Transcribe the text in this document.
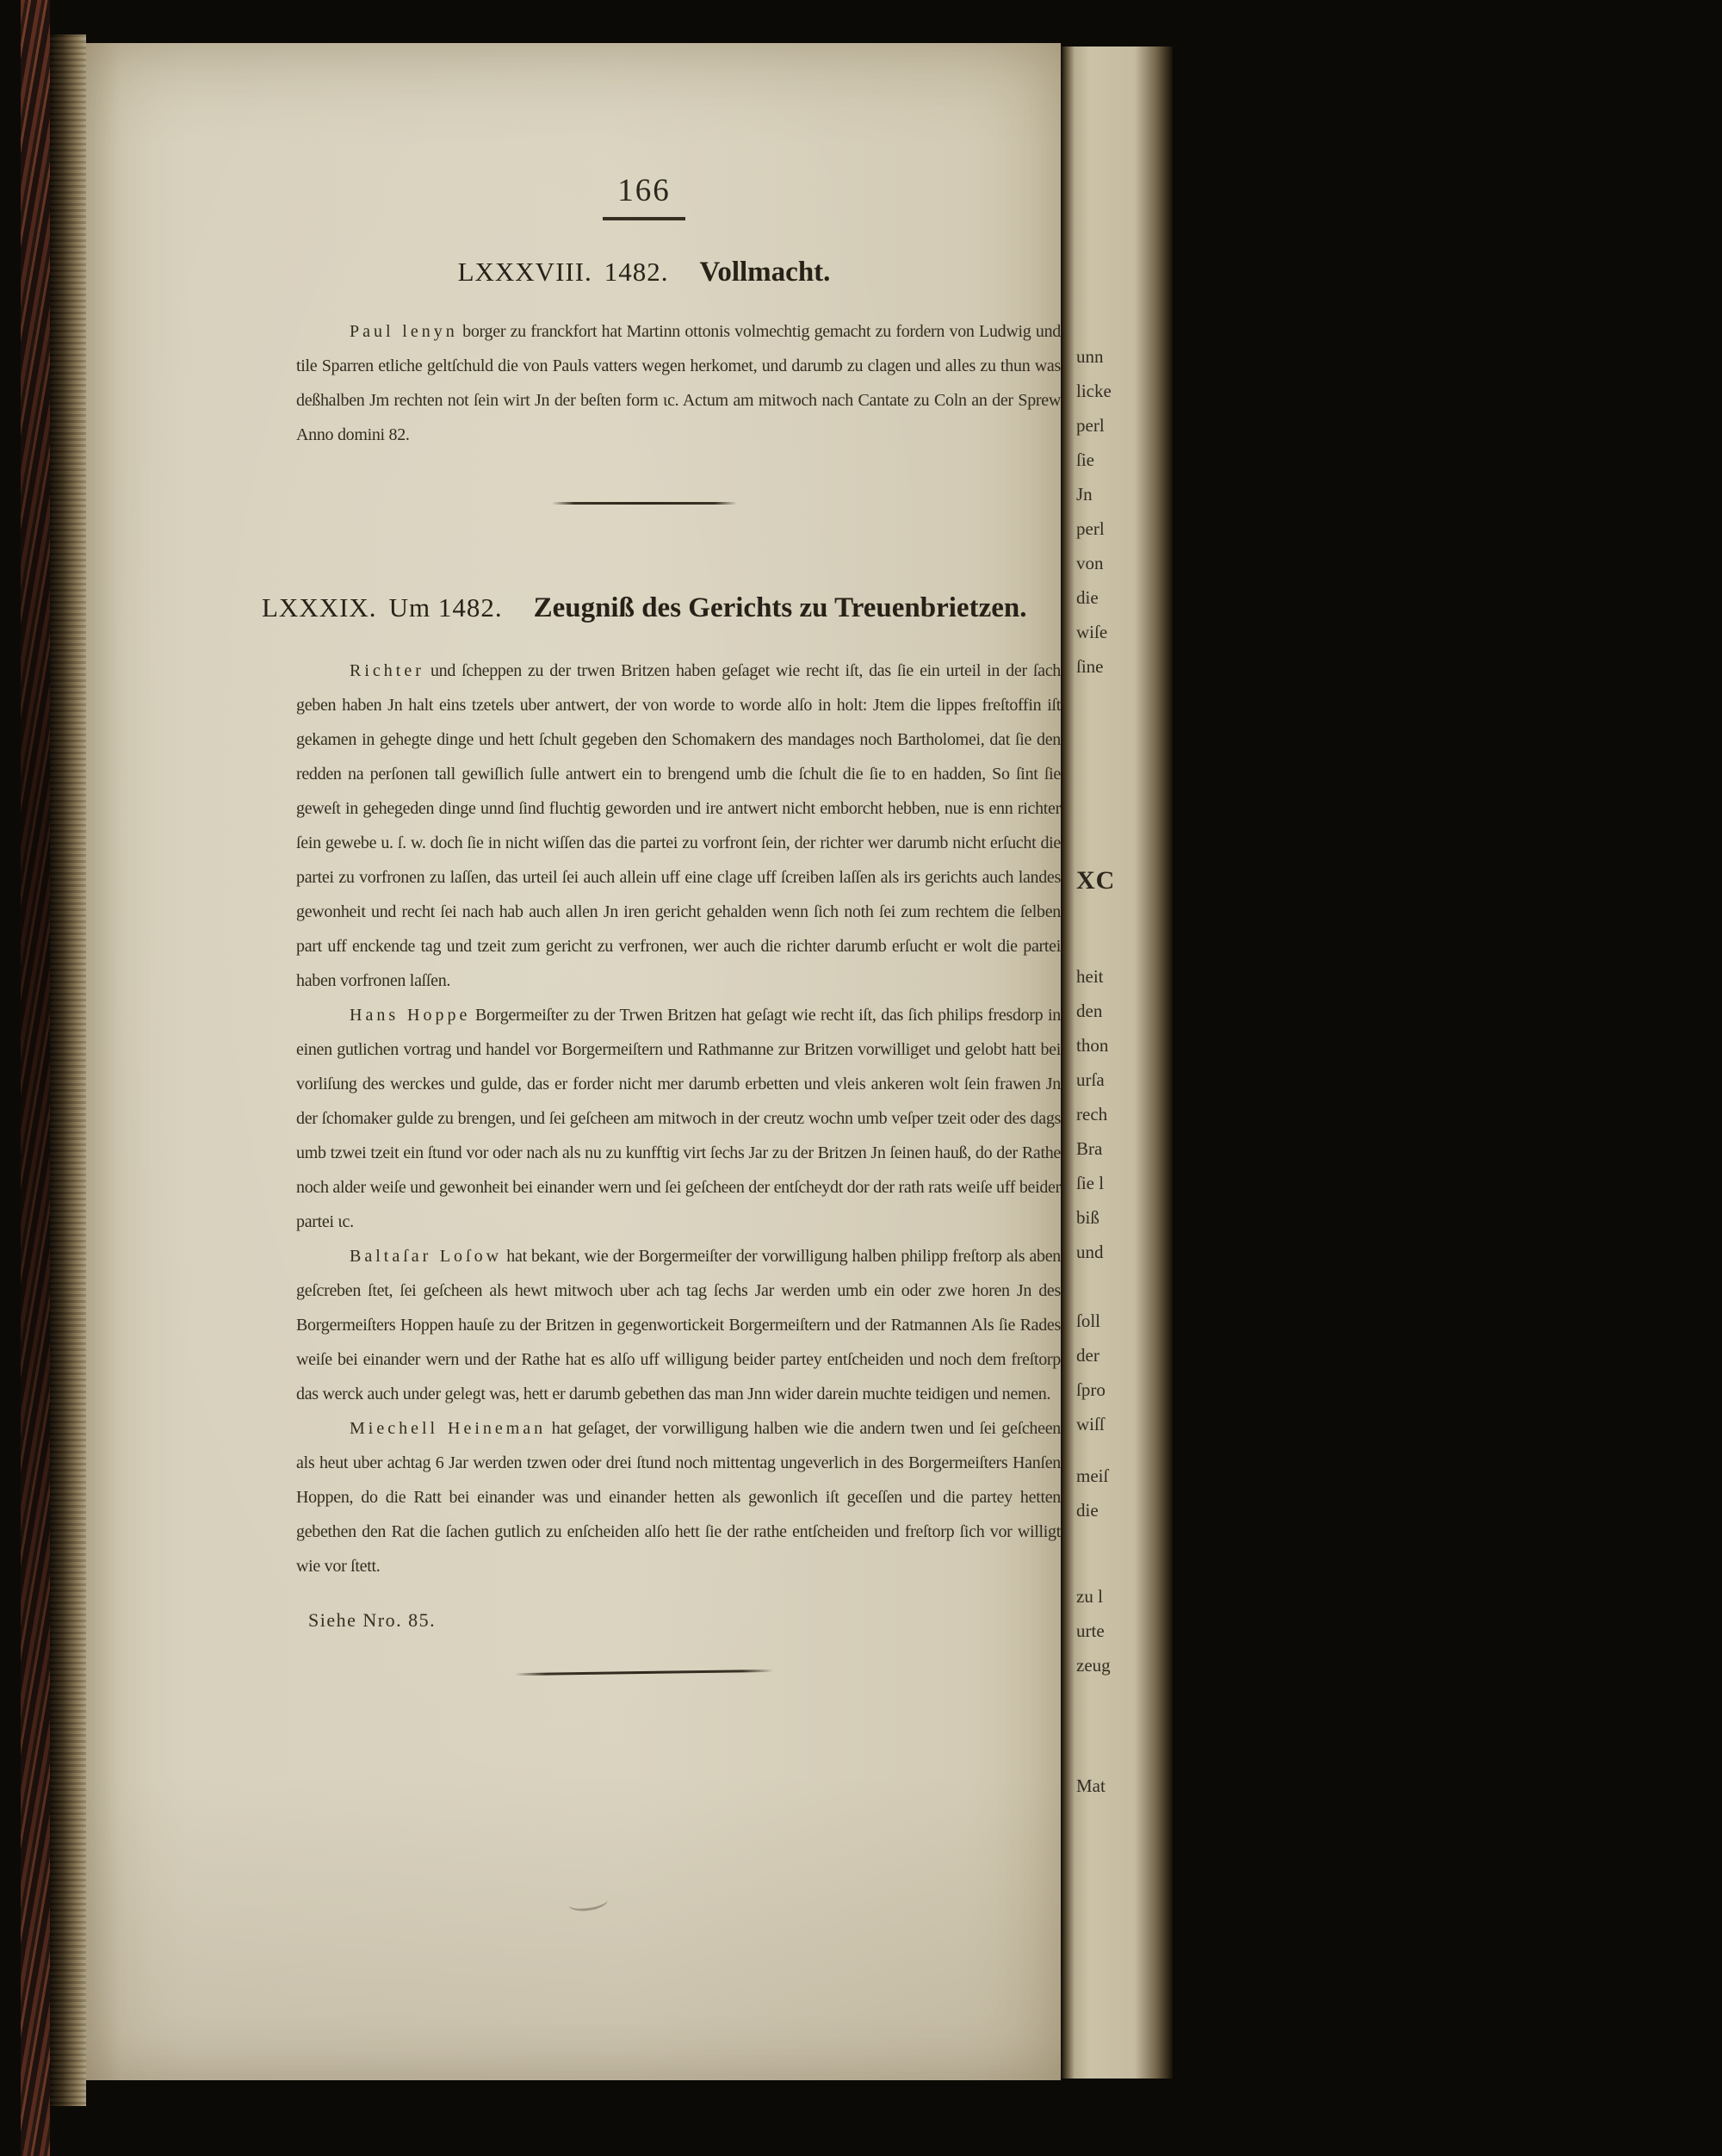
166
LXXXVIII. 1482. Vollmacht.

Paul lenyn borger zu franckfort hat Martinn ottonis volmechtig gemacht zu fordern von Ludwig und tile Sparren etliche geltſchuld die von Pauls vatters wegen herkomet, und darumb zu clagen und alles zu thun was deßhalben Jm rechten not ſein wirt Jn der beſten form ɩc. Actum am mitwoch nach Cantate zu Coln an der Sprew Anno domini 82.

LXXXIX. Um 1482. Zeugniß des Gerichts zu Treuenbrietzen.

Richter und ſcheppen zu der trwen Britzen haben geſaget wie recht iſt, das ſie ein urteil in der ſach geben haben Jn halt eins tzetels uber antwert, der von worde to worde alſo in holt: Jtem die lippes freſtoffin iſt gekamen in gehegte dinge und hett ſchult gegeben den Schomakern des mandages noch Bartholomei, dat ſie den redden na perſonen tall gewiſlich ſulle antwert ein to brengend umb die ſchult die ſie to en hadden, So ſint ſie geweſt in gehegeden dinge unnd ſind fluchtig geworden und ire antwert nicht emborcht hebben, nue is enn richter ſein gewebe u. ſ. w. doch ſie in nicht wiſſen das die partei zu vorfront ſein, der richter wer darumb nicht erſucht die partei zu vorfronen zu laſſen, das urteil ſei auch allein uff eine clage uff ſcreiben laſſen als irs gerichts auch landes gewonheit und recht ſei nach hab auch allen Jn iren gericht gehalden wenn ſich noth ſei zum rechtem die ſelben part uff enckende tag und tzeit zum gericht zu verfronen, wer auch die richter darumb erſucht er wolt die partei haben vorfronen laſſen.

Hans Hoppe Borgermeiſter zu der Trwen Britzen hat geſagt wie recht iſt, das ſich philips fresdorp in einen gutlichen vortrag und handel vor Borgermeiſtern und Rathmanne zur Britzen vorwilliget und gelobt hatt bei vorliſung des werckes und gulde, das er forder nicht mer darumb erbetten und vleis ankeren wolt ſein frawen Jn der ſchomaker gulde zu brengen, und ſei geſcheen am mitwoch in der creutz wochn umb veſper tzeit oder des dags umb tzwei tzeit ein ſtund vor oder nach als nu zu kunfftig virt ſechs Jar zu der Britzen Jn ſeinen hauß, do der Rathe noch alder weiſe und gewonheit bei einander wern und ſei geſcheen der entſcheydt dor der rath rats weiſe uff beider partei ɩc.

Baltaſar Loſow hat bekant, wie der Borgermeiſter der vorwilligung halben philipp freſtorp als aben geſcreben ſtet, ſei geſcheen als hewt mitwoch uber ach tag ſechs Jar werden umb ein oder zwe horen Jn des Borgermeiſters Hoppen hauſe zu der Britzen in gegenwortickeit Borgermeiſtern und der Ratmannen Als ſie Rades weiſe bei einander wern und der Rathe hat es alſo uff willigung beider partey entſcheiden und noch dem freſtorp das werck auch under gelegt was, hett er darumb gebethen das man Jnn wider darein muchte teidigen und nemen.

Miechell Heineman hat geſaget, der vorwilligung halben wie die andern twen und ſei geſcheen als heut uber achtag 6 Jar werden tzwen oder drei ſtund noch mittentag ungeverlich in des Borgermeiſters Hanſen Hoppen, do die Ratt bei einander was und einander hetten als gewonlich iſt geceſſen und die partey hetten gebethen den Rat die ſachen gutlich zu enſcheiden alſo hett ſie der rathe entſcheiden und freſtorp ſich vor willigt wie vor ſtett.

Siehe Nro. 85.
unn
licke
perl
ſie
Jn
perl
von
die
wiſe
ſine
XC
heit
den
thon
urſa
rech
Bra
ſie l
biß
und
ſoll
der
ſpro
wiſſ
meiſ
die
zu l
urte
zeug
Mat
